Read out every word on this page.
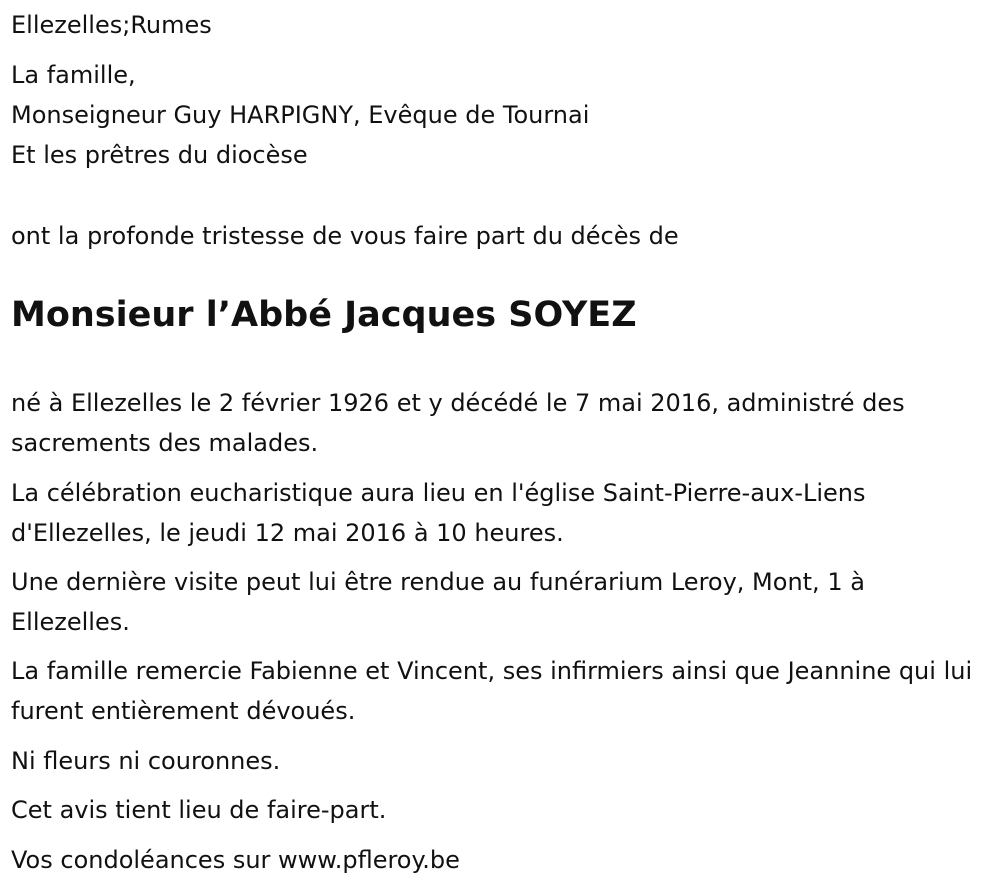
Ellezelles;Rumes
La famille,
Monseigneur Guy HARPIGNY, Evêque de Tournai
Et les prêtres du diocèse
ont la profonde tristesse de vous faire part du décès de
Monsieur l’Abbé Jacques SOYEZ
né à Ellezelles le 2 février 1926 et y décédé le 7 mai 2016, administré des sacrements des malades.
La célébration eucharistique aura lieu en l'église Saint-Pierre-aux-Liens d'Ellezelles, le jeudi 12 mai 2016 à 10 heures.
Une dernière visite peut lui être rendue au funérarium Leroy, Mont, 1 à Ellezelles.
La famille remercie Fabienne et Vincent, ses infirmiers ainsi que Jeannine qui lui furent entièrement dévoués.
Ni fleurs ni couronnes.
Cet avis tient lieu de faire-part.
Vos condoléances sur www.pfleroy.be
